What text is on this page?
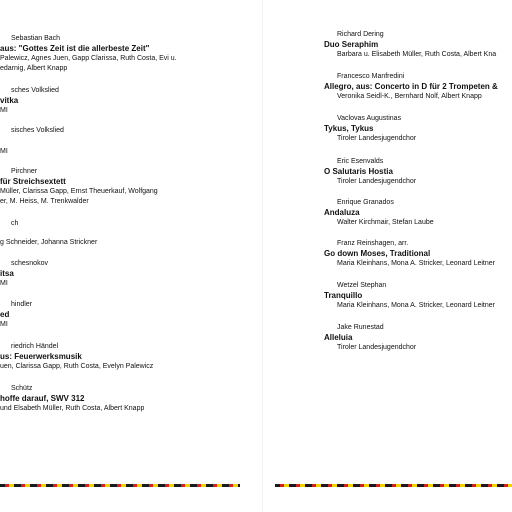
Sebastian Bach
aus: "Gottes Zeit ist die allerbeste Zeit"
Palewicz, Agnes Juen, Gapp Clarissa, Ruth Costa, Evi u.
edarnig, Albert Knapp
sches Volkslied
vitka
MI
sisches Volkslied
MI
Pirchner
für Streichsextett
Müller, Clarissa Gapp, Ernst Theuerkauf, Wolfgang
er, M. Heiss, M. Trenkwalder
ch
g Schneider, Johanna Strickner
schesnokov
itsa
MI
hindler
ed
MI
riedrich Händel
us: Feuerwerksmusik
uen, Clarissa Gapp, Ruth Costa, Evelyn Palewicz
Schütz
hoffe darauf, SWV 312
und Elsabeth Müller, Ruth Costa, Albert Knapp
Richard Dering
Duo Seraphim
Barbara u. Elisabeth Müller, Ruth Costa, Albert Kna
Francesco Manfredini
Allegro, aus: Concerto in D für 2 Trompeten &
Veronika Seidl-K., Bernhard Nolf, Albert Knapp
Vaclovas Augustinas
Tykus, Tykus
Tiroler Landesjugendchor
Eric Esenvalds
O Salutaris Hostia
Tiroler Landesjugendchor
Enrique Granados
Andaluza
Walter Kirchmair, Stefan Laube
Franz Reinshagen, arr.
Go down Moses, Traditional
Maria Kleinhans, Mona A. Stricker, Leonard Leitner
Wetzel Stephan
Tranquillo
Maria Kleinhans, Mona A. Stricker, Leonard Leitner
Jake Runestad
Alleluia
Tiroler Landesjugendchor
